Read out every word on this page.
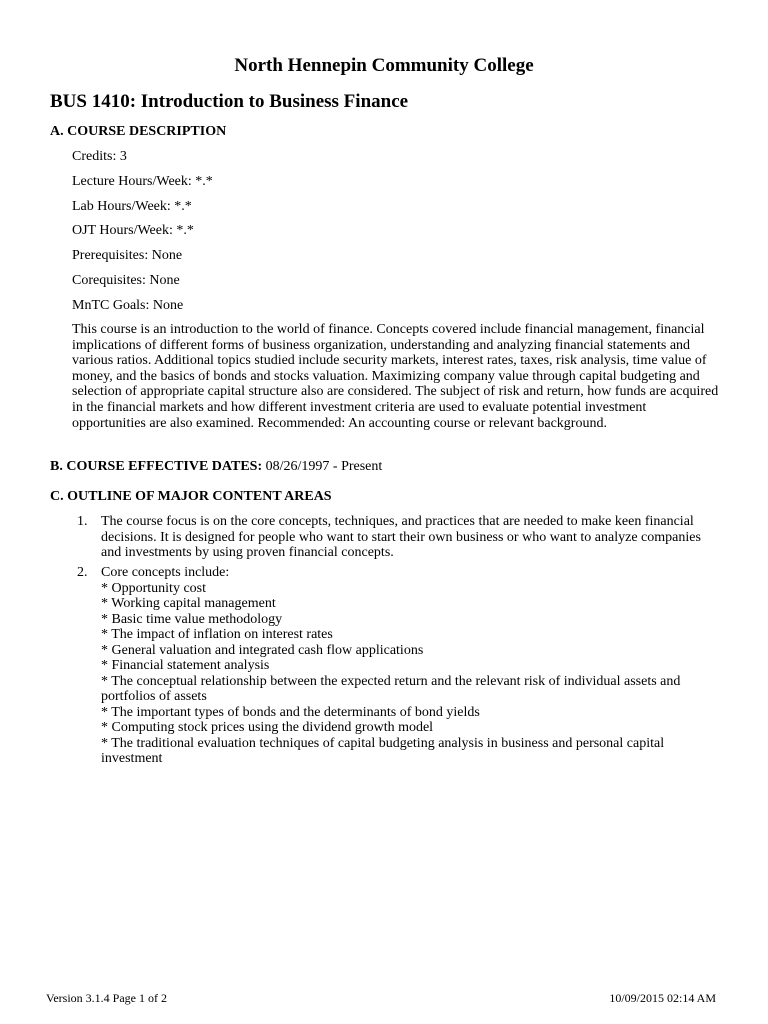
North Hennepin Community College
BUS 1410: Introduction to Business Finance
A. COURSE DESCRIPTION
Credits: 3
Lecture Hours/Week: *.*
Lab Hours/Week: *.*
OJT Hours/Week: *.*
Prerequisites: None
Corequisites: None
MnTC Goals: None

This course is an introduction to the world of finance. Concepts covered include financial management, financial implications of different forms of business organization, understanding and analyzing financial statements and various ratios. Additional topics studied include security markets, interest rates, taxes, risk analysis, time value of money, and the basics of bonds and stocks valuation. Maximizing company value through capital budgeting and selection of appropriate capital structure also are considered. The subject of risk and return, how funds are acquired in the financial markets and how different investment criteria are used to evaluate potential investment opportunities are also examined. Recommended: An accounting course or relevant background.

B. COURSE EFFECTIVE DATES: 08/26/1997 - Present
C. OUTLINE OF MAJOR CONTENT AREAS
1. The course focus is on the core concepts, techniques, and practices that are needed to make keen financial decisions. It is designed for people who want to start their own business or who want to analyze companies and investments by using proven financial concepts.
2. Core concepts include:
* Opportunity cost
* Working capital management
* Basic time value methodology
* The impact of inflation on interest rates
* General valuation and integrated cash flow applications
* Financial statement analysis
* The conceptual relationship between the expected return and the relevant risk of individual assets and portfolios of assets
* The important types of bonds and the determinants of bond yields
* Computing stock prices using the dividend growth model
* The traditional evaluation techniques of capital budgeting analysis in business and personal capital investment
Version 3.1.4 Page 1 of 2	10/09/2015 02:14 AM
